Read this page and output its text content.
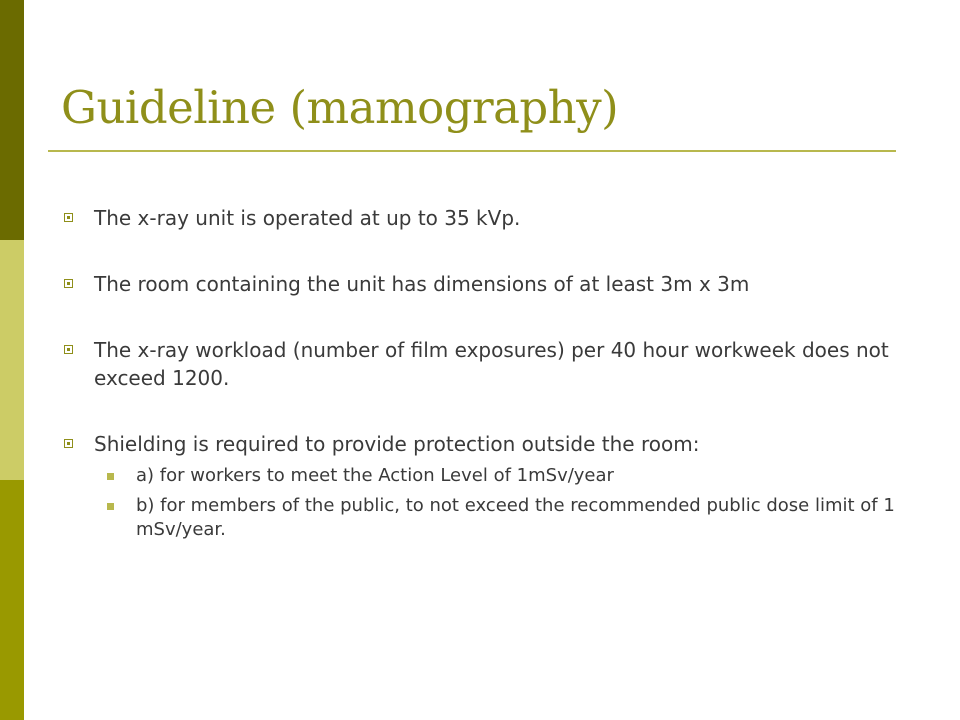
Guideline (mamography)
The x-ray unit is operated at up to 35 kVp.
The room containing the unit has dimensions of at least 3m x 3m
The x-ray workload (number of film exposures) per 40 hour workweek does not exceed 1200.
Shielding is required to provide protection outside the room:
a) for workers to meet the Action Level of 1mSv/year
b) for members of the public, to not exceed the recommended public dose limit of 1 mSv/year.
